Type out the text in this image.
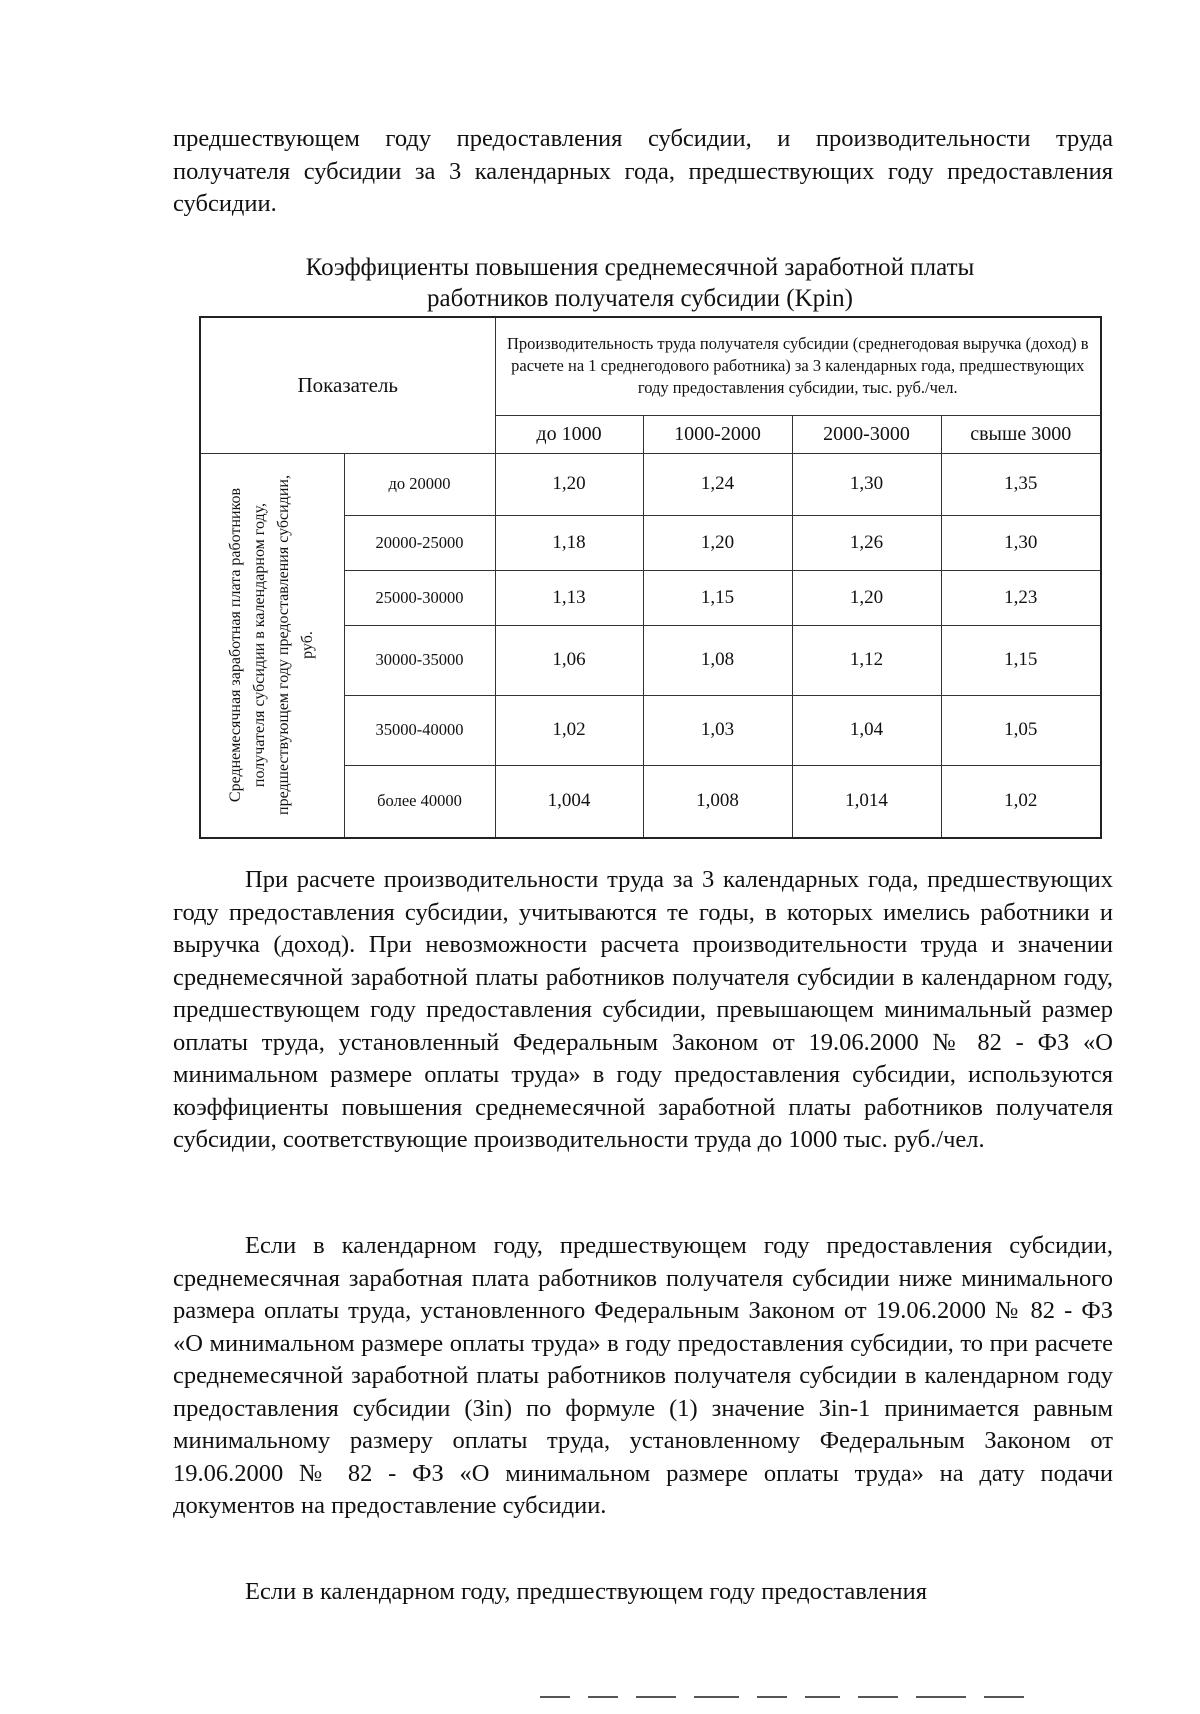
предшествующем году предоставления субсидии, и производительности труда получателя субсидии за 3 календарных года, предшествующих году предоставления субсидии.

Коэффициенты повышения среднемесячной заработной платы
работников получателя субсидии (Kpin)

Показатель		Производительность труда получателя субсидии (среднегодовая выручка (доход) в расчете на 1 среднегодового работника) за 3 календарных года, предшествующих году предоставления субсидии, тыс. руб./чел.			
		до 1000	1000-2000	2000-3000	свыше 3000

Среднемесячная заработная плата работников получателя субсидии в календарном году, предшествующем году предоставления субсидии, руб.	до 20000	1,20	1,24	1,30	1,35
	20000-25000	1,18	1,20	1,26	1,30
	25000-30000	1,13	1,15	1,20	1,23
	30000-35000	1,06	1,08	1,12	1,15
	35000-40000	1,02	1,03	1,04	1,05
	более 40000	1,004	1,008	1,014	1,02

При расчете производительности труда за 3 календарных года, предшествующих году предоставления субсидии, учитываются те годы, в которых имелись работники и выручка (доход). При невозможности расчета производительности труда и значении среднемесячной заработной платы работников получателя субсидии в календарном году, предшествующем году предоставления субсидии, превышающем минимальный размер оплаты труда, установленный Федеральным Законом от 19.06.2000 № 82 - ФЗ «О минимальном размере оплаты труда» в году предоставления субсидии, используются коэффициенты повышения среднемесячной заработной платы работников получателя субсидии, соответствующие производительности труда до 1000 тыс. руб./чел.

Если в календарном году, предшествующем году предоставления субсидии, среднемесячная заработная плата работников получателя субсидии ниже минимального размера оплаты труда, установленного Федеральным Законом от 19.06.2000 № 82 - ФЗ «О минимальном размере оплаты труда» в году предоставления субсидии, то при расчете среднемесячной заработной платы работников получателя субсидии в календарном году предоставления субсидии (Зin) по формуле (1) значение Зin-1 принимается равным минимальному размеру оплаты труда, установленному Федеральным Законом от 19.06.2000 № 82 - ФЗ «О минимальном размере оплаты труда» на дату подачи документов на предоставление субсидии.

Если в календарном году, предшествующем году предоставления
